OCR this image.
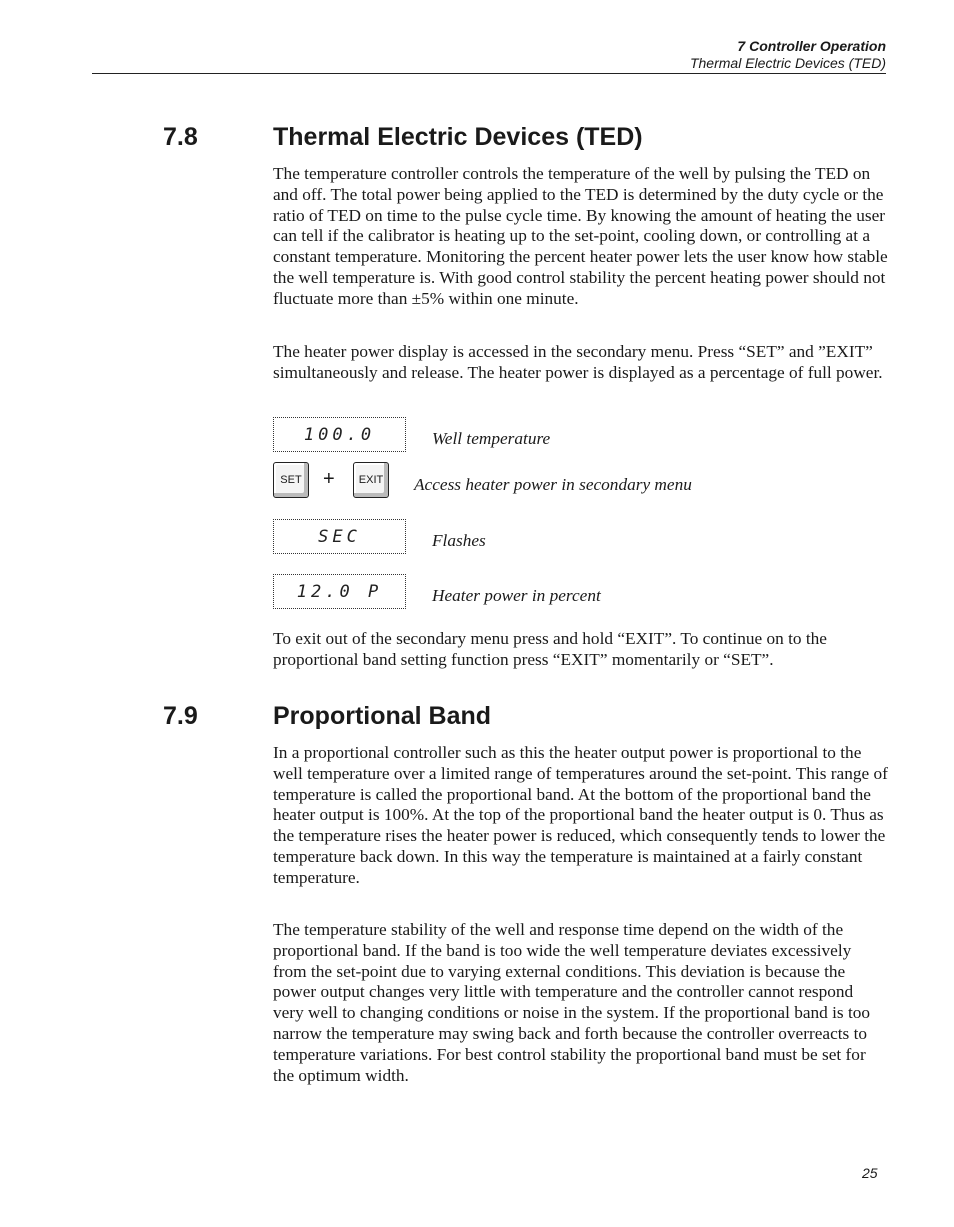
7 Controller Operation
Thermal Electric Devices (TED)
7.8	Thermal Electric Devices (TED)

The temperature controller controls the temperature of the well by pulsing the TED on and off. The total power being applied to the TED is determined by the duty cycle or the ratio of TED on time to the pulse cycle time. By knowing the amount of heating the user can tell if the calibrator is heating up to the set-point, cooling down, or controlling at a constant temperature. Monitoring the percent heater power lets the user know how stable the well temperature is. With good control stability the percent heating power should not fluctuate more than ±5% within one minute.

The heater power display is accessed in the secondary menu. Press “SET” and ”EXIT” simultaneously and release. The heater power is displayed as a percentage of full power.

100.0	Well temperature
SET	+	EXIT	Access heater power in secondary menu
SEC	Flashes
12.0 P	Heater power in percent

To exit out of the secondary menu press and hold “EXIT”. To continue on to the proportional band setting function press “EXIT” momentarily or “SET”.

7.9	Proportional Band

In a proportional controller such as this the heater output power is proportional to the well temperature over a limited range of temperatures around the set-point. This range of temperature is called the proportional band. At the bottom of the proportional band the heater output is 100%. At the top of the proportional band the heater output is 0. Thus as the temperature rises the heater power is reduced, which consequently tends to lower the temperature back down. In this way the temperature is maintained at a fairly constant temperature.

The temperature stability of the well and response time depend on the width of the proportional band. If the band is too wide the well temperature deviates excessively from the set-point due to varying external conditions. This deviation is because the power output changes very little with temperature and the controller cannot respond very well to changing conditions or noise in the system. If the proportional band is too narrow the temperature may swing back and forth because the controller overreacts to temperature variations. For best control stability the proportional band must be set for the optimum width.

25
